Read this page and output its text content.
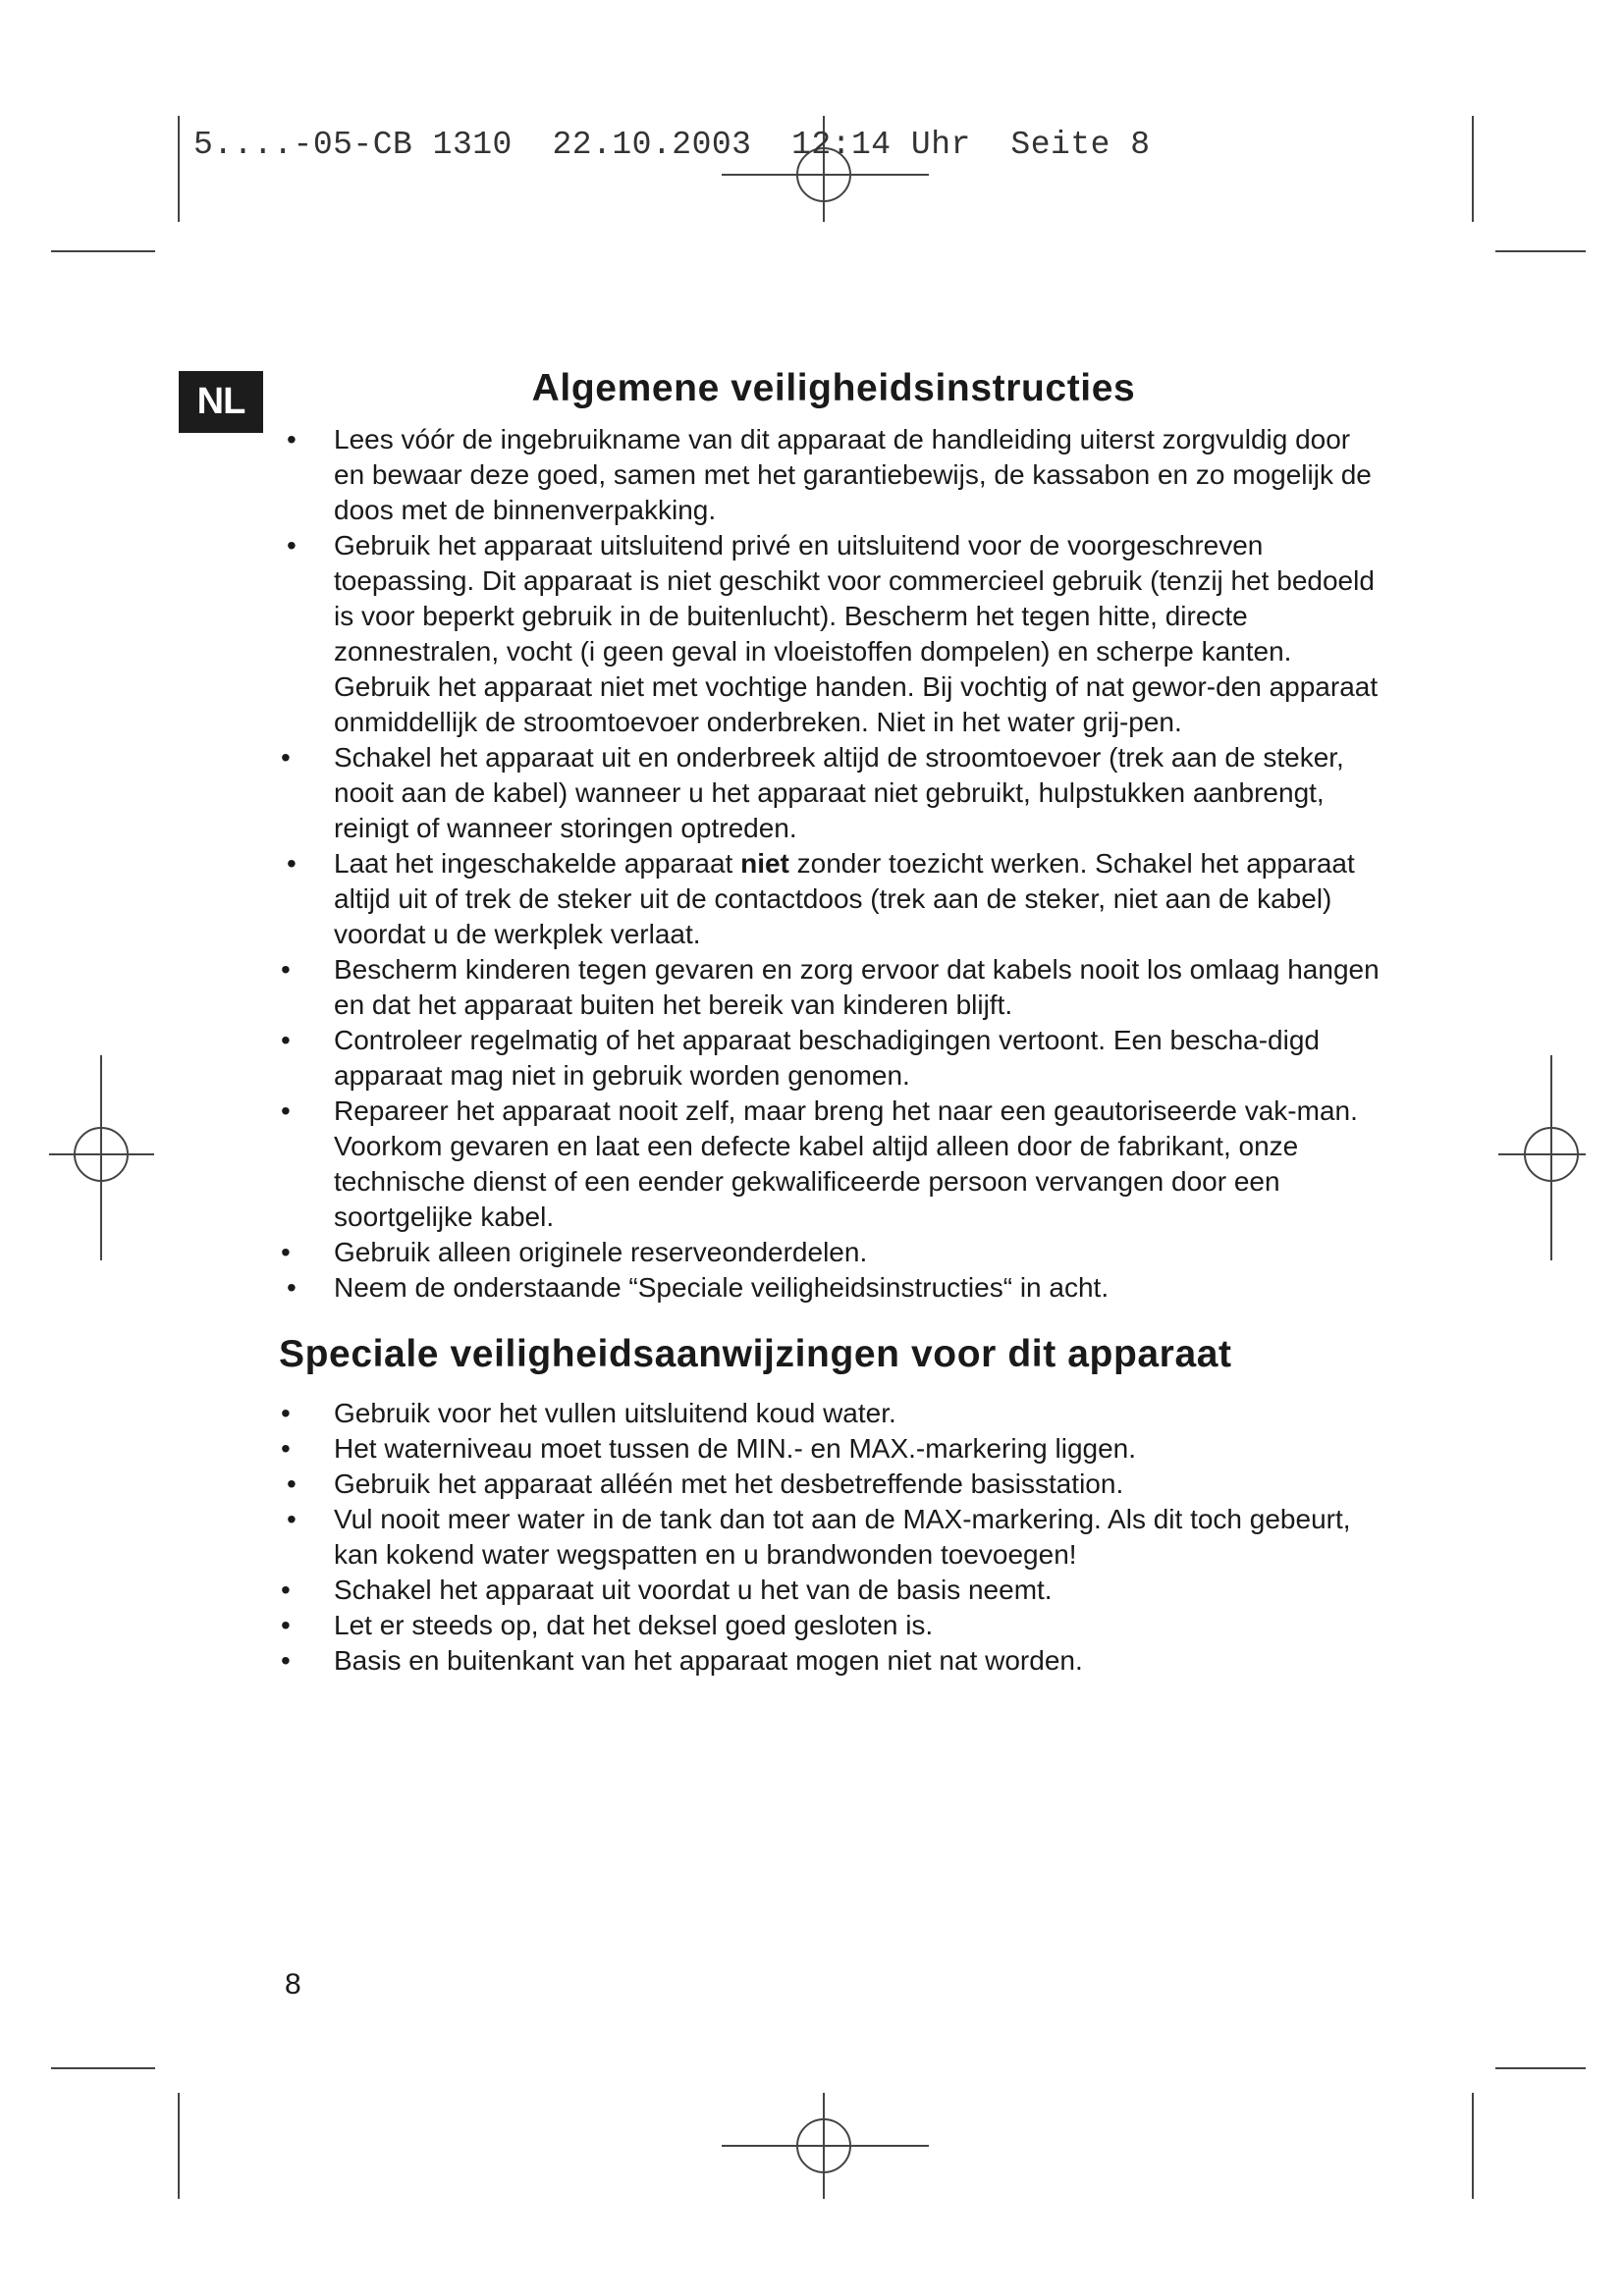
5....-05-CB 1310  22.10.2003  12:14 Uhr  Seite 8
NL	Algemene veiligheidsinstructies
• Lees vóór de ingebruikname van dit apparaat de handleiding uiterst zorgvuldig door en bewaar deze goed, samen met het garantiebewijs, de kassabon en zo mogelijk de doos met de binnenverpakking.
• Gebruik het apparaat uitsluitend privé en uitsluitend voor de voorgeschreven toepassing. Dit apparaat is niet geschikt voor commercieel gebruik (tenzij het bedoeld is voor beperkt gebruik in de buitenlucht). Bescherm het tegen hitte, directe zonnestralen, vocht (i geen geval in vloeistoffen dompelen) en scherpe kanten. Gebruik het apparaat niet met vochtige handen. Bij vochtig of nat gewor-den apparaat onmiddellijk de stroomtoevoer onderbreken. Niet in het water grij-pen.
• Schakel het apparaat uit en onderbreek altijd de stroomtoevoer (trek aan de steker, nooit aan de kabel) wanneer u het apparaat niet gebruikt, hulpstukken aanbrengt, reinigt of wanneer storingen optreden.
• Laat het ingeschakelde apparaat niet zonder toezicht werken. Schakel het apparaat altijd uit of trek de steker uit de contactdoos (trek aan de steker, niet aan de kabel) voordat u de werkplek verlaat.
• Bescherm kinderen tegen gevaren en zorg ervoor dat kabels nooit los omlaag hangen en dat het apparaat buiten het bereik van kinderen blijft.
• Controleer regelmatig of het apparaat beschadigingen vertoont. Een bescha-digd apparaat mag niet in gebruik worden genomen.
• Repareer het apparaat nooit zelf, maar breng het naar een geautoriseerde vak-man. Voorkom gevaren en laat een defecte kabel altijd alleen door de fabrikant, onze technische dienst of een eender gekwalificeerde persoon vervangen door een soortgelijke kabel.
• Gebruik alleen originele reserveonderdelen.
• Neem de onderstaande “Speciale veiligheidsinstructies“ in acht.
Speciale veiligheidsaanwijzingen voor dit apparaat
• Gebruik voor het vullen uitsluitend koud water.
• Het waterniveau moet tussen de MIN.- en MAX.-markering liggen.
• Gebruik het apparaat alléén met het desbetreffende basisstation.
• Vul nooit meer water in de tank dan tot aan de MAX-markering. Als dit toch gebeurt, kan kokend water wegspatten en u brandwonden toevoegen!
• Schakel het apparaat uit voordat u het van de basis neemt.
• Let er steeds op, dat het deksel goed gesloten is.
• Basis en buitenkant van het apparaat mogen niet nat worden.
8
